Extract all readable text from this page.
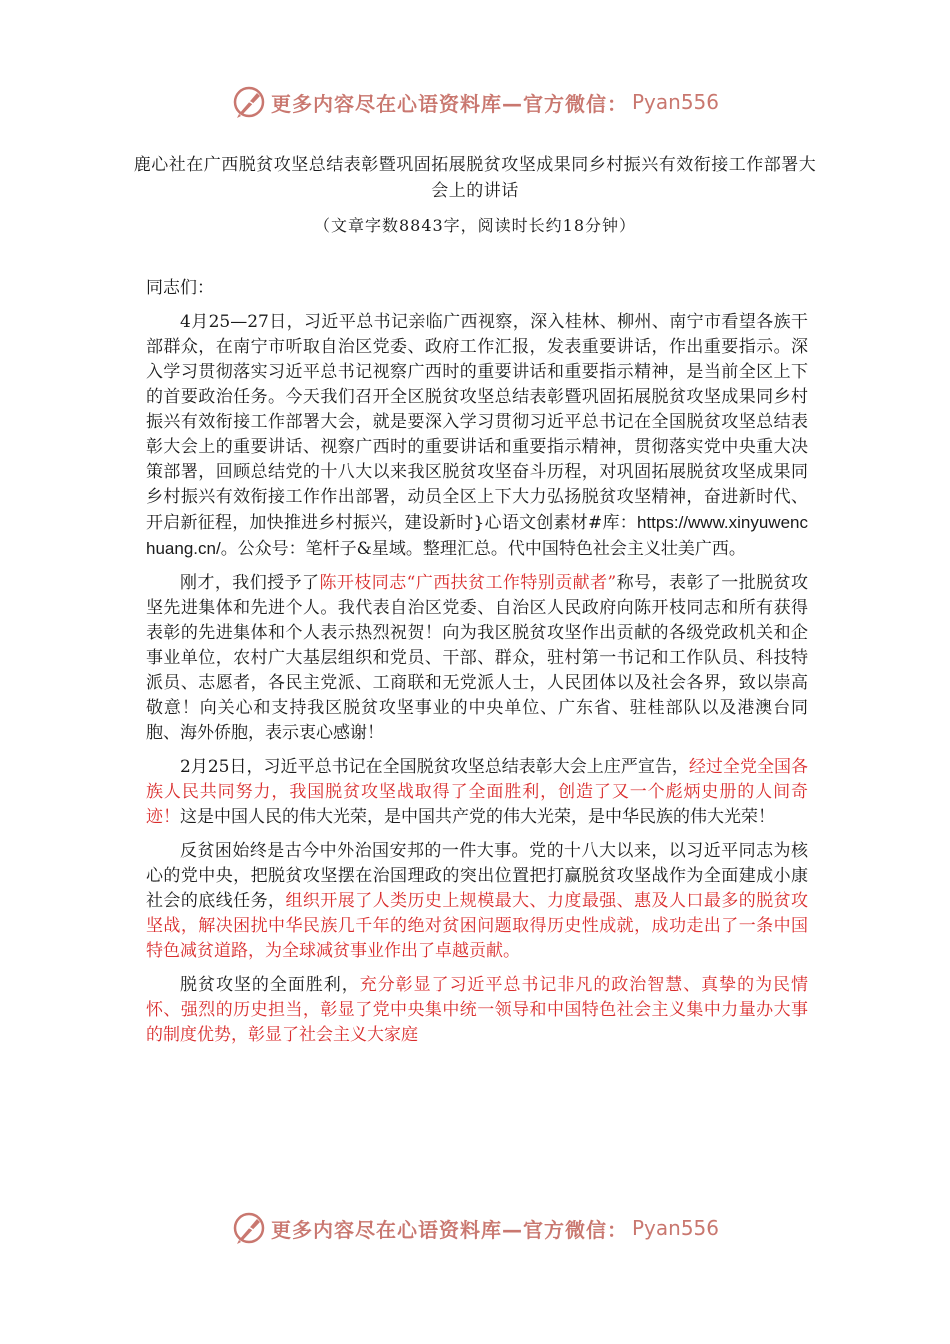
更多内容尽在心语资料库—官方微信： Pyan556
鹿心社在广西脱贫攻坚总结表彰暨巩固拓展脱贫攻坚成果同乡村振兴有效衔接工作部署大会上的讲话
（文章字数8843字，阅读时长约18分钟）

同志们：

4月25—27日，习近平总书记亲临广西视察，深入桂林、柳州、南宁市看望各族干部群众，在南宁市听取自治区党委、政府工作汇报，发表重要讲话，作出重要指示。深入学习贯彻落实习近平总书记视察广西时的重要讲话和重要指示精神，是当前全区上下的首要政治任务。今天我们召开全区脱贫攻坚总结表彰暨巩固拓展脱贫攻坚成果同乡村振兴有效衔接工作部署大会，就是要深入学习贯彻习近平总书记在全国脱贫攻坚总结表彰大会上的重要讲话、视察广西时的重要讲话和重要指示精神，贯彻落实党中央重大决策部署，回顾总结党的十八大以来我区脱贫攻坚奋斗历程，对巩固拓展脱贫攻坚成果同乡村振兴有效衔接工作作出部署，动员全区上下大力弘扬脱贫攻坚精神，奋进新时代、开启新征程，加快推进乡村振兴，建设新时}心语文创素材#库：https://www.xinyuwenchuang.cn/。公众号：笔杆子&星域。整理汇总。代中国特色社会主义壮美广西。

刚才，我们授予了陈开枝同志“广西扶贫工作特别贡献者”称号，表彰了一批脱贫攻坚先进集体和先进个人。我代表自治区党委、自治区人民政府向陈开枝同志和所有获得表彰的先进集体和个人表示热烈祝贺！向为我区脱贫攻坚作出贡献的各级党政机关和企事业单位，农村广大基层组织和党员、干部、群众，驻村第一书记和工作队员、科技特派员、志愿者，各民主党派、工商联和无党派人士，人民团体以及社会各界，致以崇高敬意！向关心和支持我区脱贫攻坚事业的中央单位、广东省、驻桂部队以及港澳台同胞、海外侨胞，表示衷心感谢！

2月25日，习近平总书记在全国脱贫攻坚总结表彰大会上庄严宣告，经过全党全国各族人民共同努力，我国脱贫攻坚战取得了全面胜利，创造了又一个彪炳史册的人间奇迹！这是中国人民的伟大光荣，是中国共产党的伟大光荣，是中华民族的伟大光荣！

反贫困始终是古今中外治国安邦的一件大事。党的十八大以来，以习近平同志为核心的党中央，把脱贫攻坚摆在治国理政的突出位置把打赢脱贫攻坚战作为全面建成小康社会的底线任务，组织开展了人类历史上规模最大、力度最强、惠及人口最多的脱贫攻坚战，解决困扰中华民族几千年的绝对贫困问题取得历史性成就，成功走出了一条中国特色减贫道路，为全球减贫事业作出了卓越贡献。

脱贫攻坚的全面胜利，充分彰显了习近平总书记非凡的政治智慧、真挚的为民情怀、强烈的历史担当，彰显了党中央集中统一领导和中国特色社会主义集中力量办大事的制度优势，彰显了社会主义大家庭

更多内容尽在心语资料库—官方微信： Pyan556
